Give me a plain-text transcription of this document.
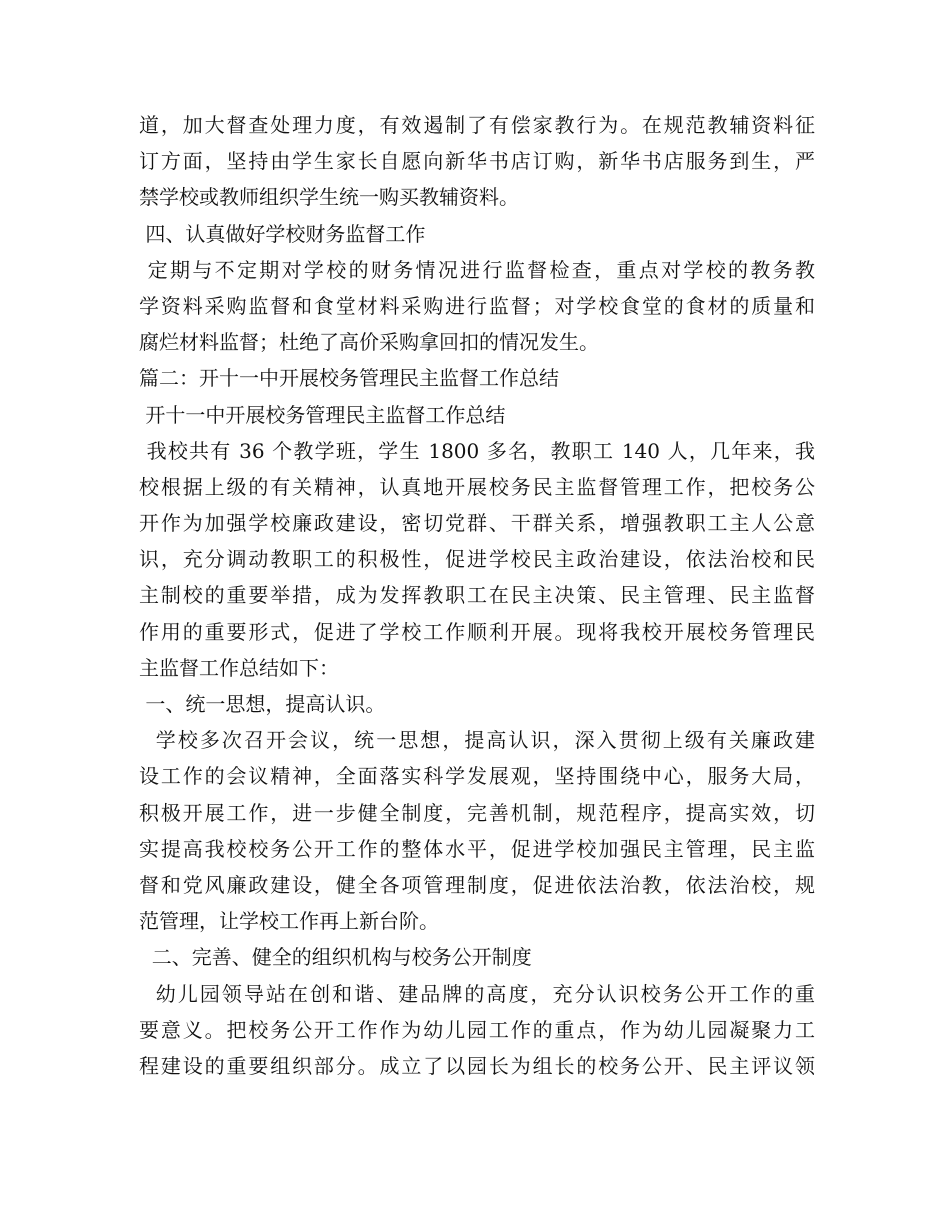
道，加大督查处理力度，有效遏制了有偿家教行为。在规范教辅资料征
订方面，坚持由学生家长自愿向新华书店订购，新华书店服务到生，严
禁学校或教师组织学生统一购买教辅资料。
四、认真做好学校财务监督工作
定期与不定期对学校的财务情况进行监督检查，重点对学校的教务教
学资料采购监督和食堂材料采购进行监督；对学校食堂的食材的质量和
腐烂材料监督；杜绝了高价采购拿回扣的情况发生。
篇二：开十一中开展校务管理民主监督工作总结
开十一中开展校务管理民主监督工作总结
我校共有 36 个教学班，学生 1800 多名，教职工 140 人，几年来，我
校根据上级的有关精神，认真地开展校务民主监督管理工作，把校务公
开作为加强学校廉政建设，密切党群、干群关系，增强教职工主人公意
识，充分调动教职工的积极性，促进学校民主政治建设，依法治校和民
主制校的重要举措，成为发挥教职工在民主决策、民主管理、民主监督
作用的重要形式，促进了学校工作顺利开展。现将我校开展校务管理民
主监督工作总结如下：
一、统一思想，提高认识。
学校多次召开会议，统一思想，提高认识，深入贯彻上级有关廉政建
设工作的会议精神，全面落实科学发展观，坚持围绕中心，服务大局，
积极开展工作，进一步健全制度，完善机制，规范程序，提高实效，切
实提高我校校务公开工作的整体水平，促进学校加强民主管理，民主监
督和党风廉政建设，健全各项管理制度，促进依法治教，依法治校，规
范管理，让学校工作再上新台阶。
二、完善、健全的组织机构与校务公开制度
幼儿园领导站在创和谐、建品牌的高度，充分认识校务公开工作的重
要意义。把校务公开工作作为幼儿园工作的重点，作为幼儿园凝聚力工
程建设的重要组织部分。成立了以园长为组长的校务公开、民主评议领
